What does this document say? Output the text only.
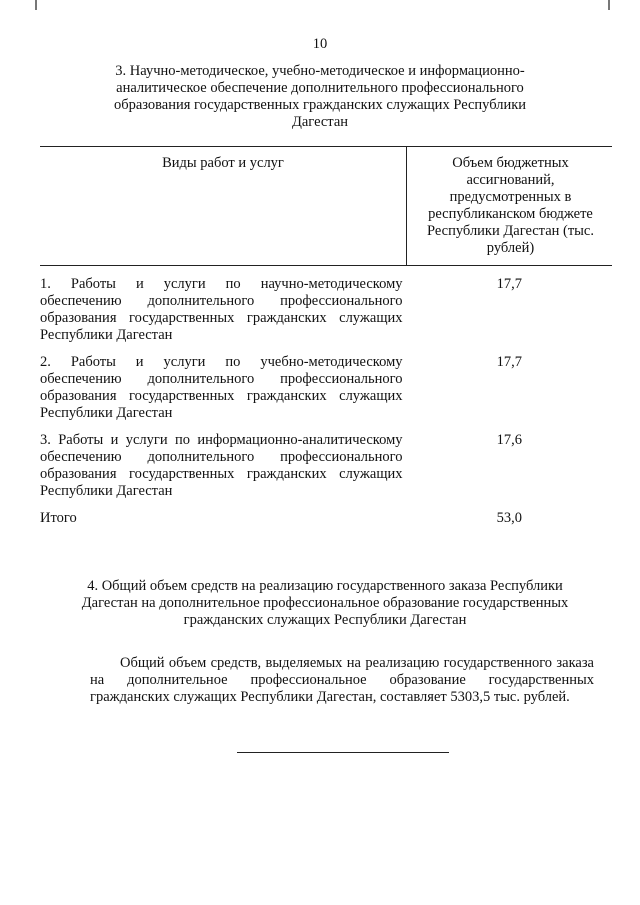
10
3. Научно-методическое, учебно-методическое и информационно-аналитическое обеспечение дополнительного профессионального образования государственных гражданских служащих Республики Дагестан
Виды работ и услуг	Объем бюджетных ассигнований, предусмотренных в республиканском бюджете Республики Дагестан (тыс. рублей)
1. Работы и услуги по научно-методическому обеспечению дополнительного профессионального образования государственных гражданских служащих Республики Дагестан	17,7
2. Работы и услуги по учебно-методическому обеспечению дополнительного профессионального образования государственных гражданских служащих Республики Дагестан	17,7
3. Работы и услуги по информационно-аналитическому обеспечению дополнительного профессионального образования государственных гражданских служащих Республики Дагестан	17,6
Итого	53,0
4. Общий объем средств на реализацию государственного заказа Республики Дагестан на дополнительное профессиональное образование государственных гражданских служащих Республики Дагестан
Общий объем средств, выделяемых на реализацию государственного заказа на дополнительное профессиональное образование государственных гражданских служащих Республики Дагестан, составляет 5303,5 тыс. рублей.
